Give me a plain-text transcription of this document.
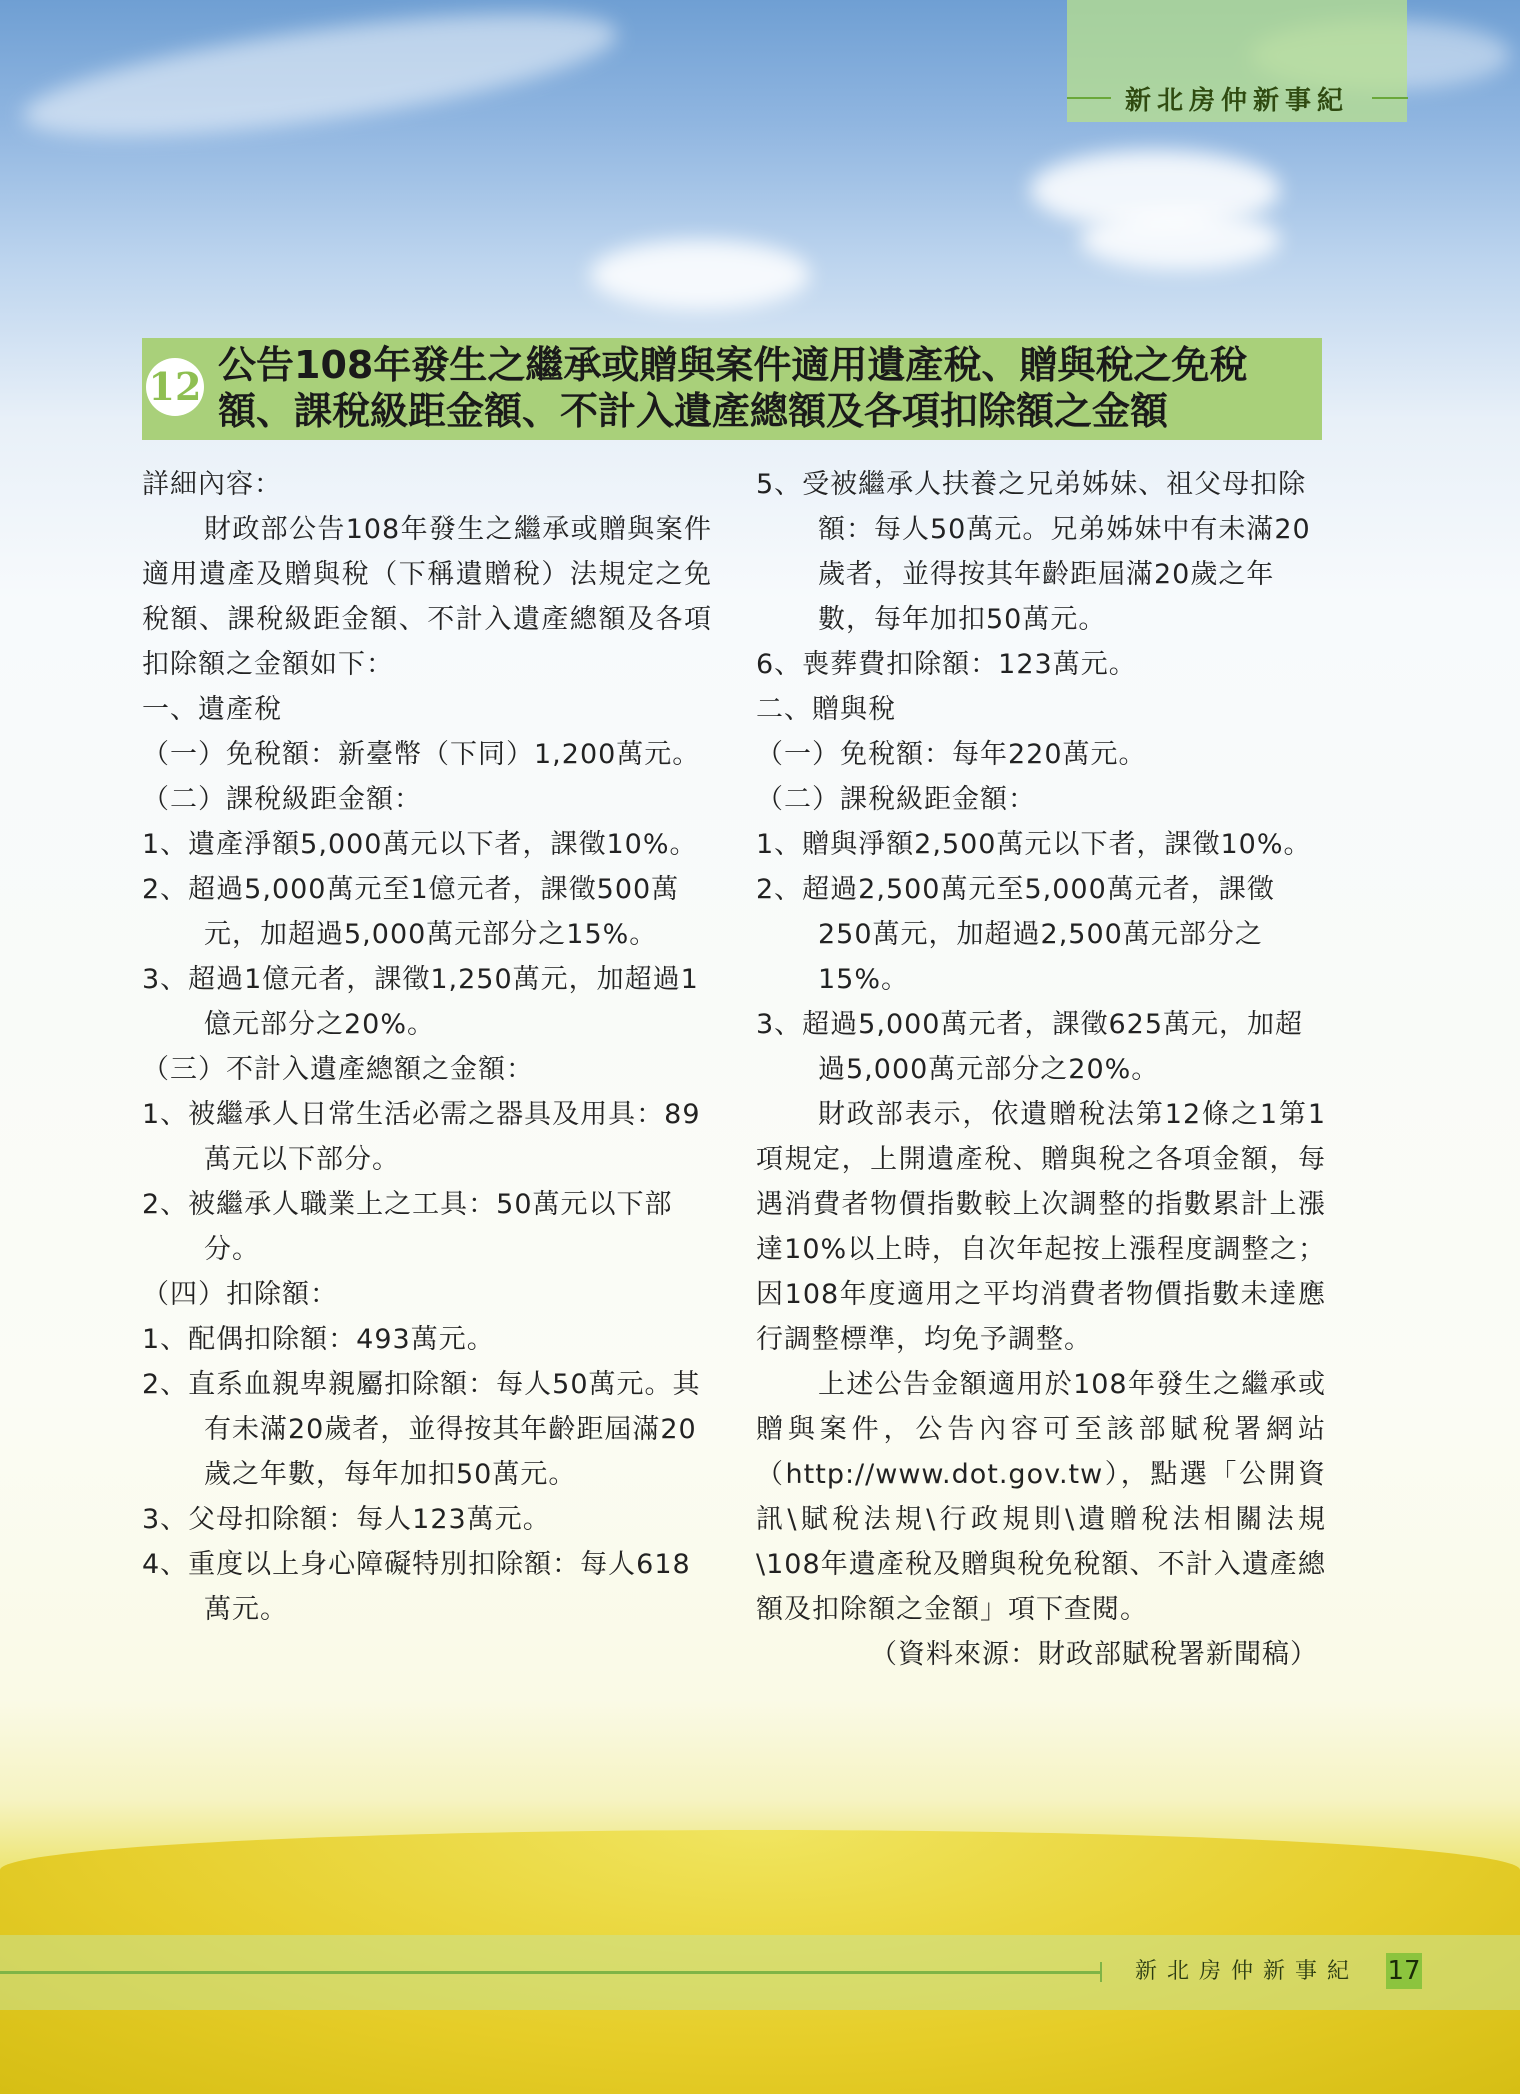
新北房仲新事紀
12 公告108年發生之繼承或贈與案件適用遺產稅、贈與稅之免稅
額、課稅級距金額、不計入遺產總額及各項扣除額之金額
詳細內容：
財政部公告108年發生之繼承或贈與案件適用遺產及贈與稅（下稱遺贈稅）法規定之免稅額、課稅級距金額、不計入遺產總額及各項扣除額之金額如下：
一、遺產稅
（一）免稅額：新臺幣（下同）1,200萬元。
（二）課稅級距金額：
1、遺產淨額5,000萬元以下者，課徵10%。
2、超過5,000萬元至1億元者，課徵500萬元，加超過5,000萬元部分之15%。
3、超過1億元者，課徵1,250萬元，加超過1億元部分之20%。
（三）不計入遺產總額之金額：
1、被繼承人日常生活必需之器具及用具：89萬元以下部分。
2、被繼承人職業上之工具：50萬元以下部分。
（四）扣除額：
1、配偶扣除額：493萬元。
2、直系血親卑親屬扣除額：每人50萬元。其有未滿20歲者，並得按其年齡距屆滿20歲之年數，每年加扣50萬元。
3、父母扣除額：每人123萬元。
4、重度以上身心障礙特別扣除額：每人618萬元。
5、受被繼承人扶養之兄弟姊妹、祖父母扣除額：每人50萬元。兄弟姊妹中有未滿20歲者，並得按其年齡距屆滿20歲之年數，每年加扣50萬元。
6、喪葬費扣除額：123萬元。
二、贈與稅
（一）免稅額：每年220萬元。
（二）課稅級距金額：
1、贈與淨額2,500萬元以下者，課徵10%。
2、超過2,500萬元至5,000萬元者，課徵250萬元，加超過2,500萬元部分之15%。
3、超過5,000萬元者，課徵625萬元，加超過5,000萬元部分之20%。
財政部表示，依遺贈稅法第12條之1第1項規定，上開遺產稅、贈與稅之各項金額，每遇消費者物價指數較上次調整的指數累計上漲達10%以上時，自次年起按上漲程度調整之；因108年度適用之平均消費者物價指數未達應行調整標準，均免予調整。
上述公告金額適用於108年發生之繼承或贈與案件，公告內容可至該部賦稅署網站（http://www.dot.gov.tw），點選「公開資訊\賦稅法規\行政規則\遺贈稅法相關法規\108年遺產稅及贈與稅免稅額、不計入遺產總額及扣除額之金額」項下查閱。
（資料來源：財政部賦稅署新聞稿）
新北房仲新事紀 17
